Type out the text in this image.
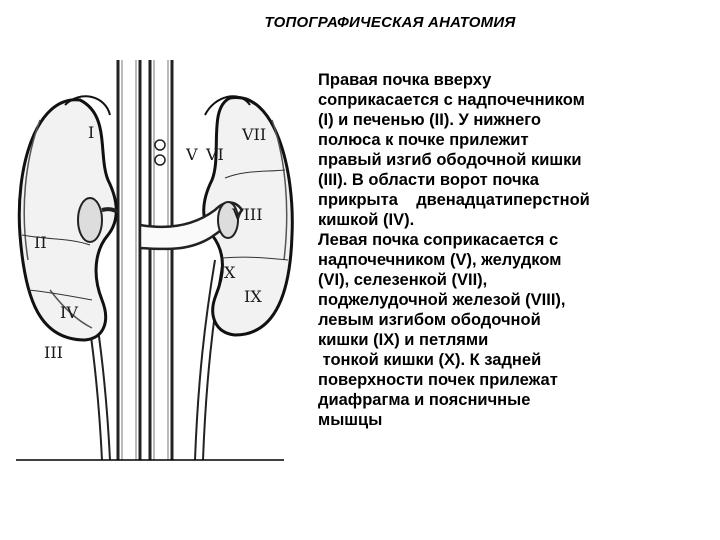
ТОПОГРАФИЧЕСКАЯ АНАТОМИЯ
I
II
III
IV
V VI
VII
VIII
IX
X

Правая почка вверху
соприкасается с надпочечником
(I) и печенью (II). У нижнего
полюса к почке прилежит
правый изгиб ободочной кишки
(III). В области ворот почка
прикрыта    двенадцатиперстной
кишкой (IV).

Левая почка соприкасается с
надпочечником (V), желудком
(VI), селезенкой (VII),
поджелудочной железой (VIII),
левым изгибом ободочной
кишки (IX) и петлями
тонкой кишки (X). К задней
поверхности почек прилежат
диафрагма и поясничные
мышцы
